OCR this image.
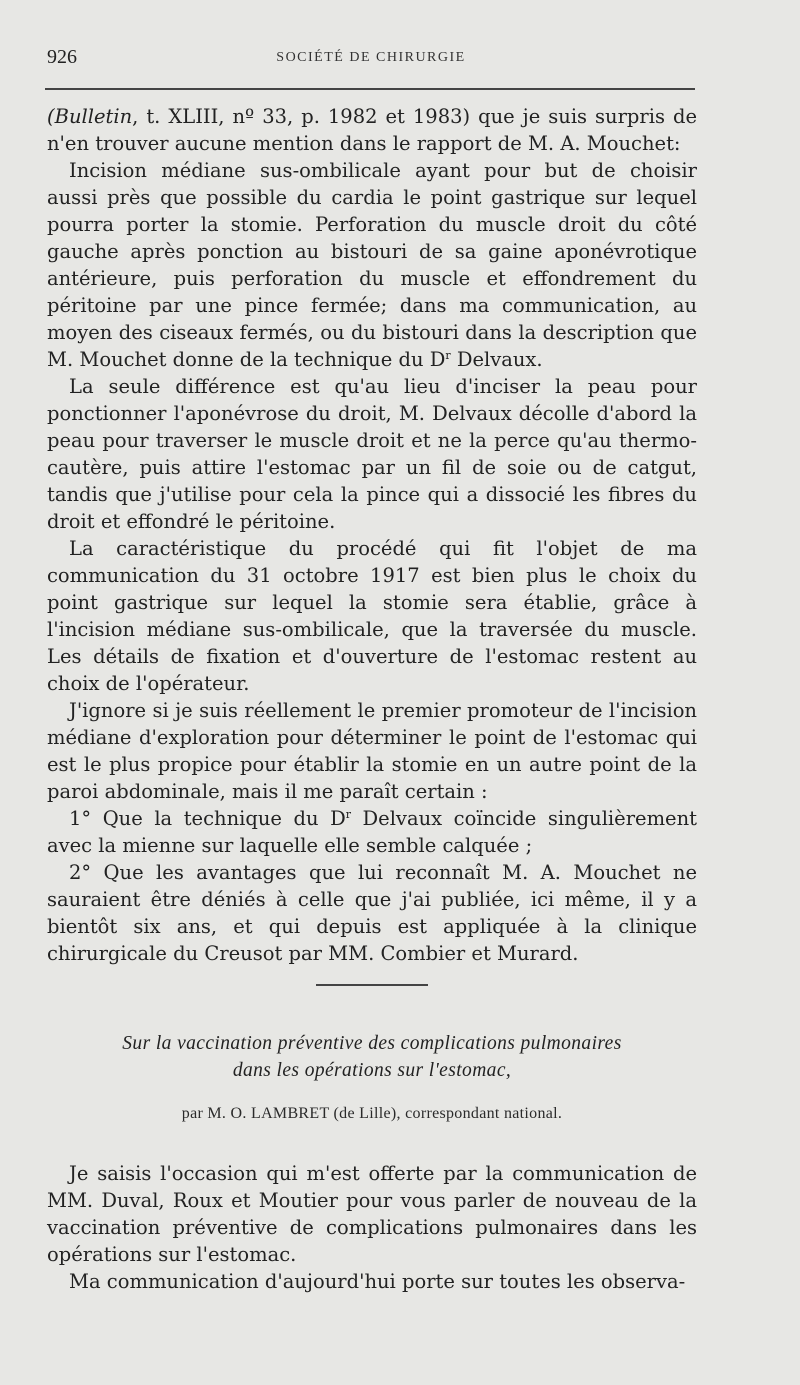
926	SOCIÉTÉ DE CHIRURGIE

(Bulletin, t. XLIII, nº 33, p. 1982 et 1983) que je suis surpris de n'en trouver aucune mention dans le rapport de M. A. Mouchet:

Incision médiane sus-ombilicale ayant pour but de choisir aussi près que possible du cardia le point gastrique sur lequel pourra porter la stomie. Perforation du muscle droit du côté gauche après ponction au bistouri de sa gaine aponévrotique antérieure, puis perforation du muscle et effondrement du péritoine par une pince fermée; dans ma communication, au moyen des ciseaux fermés, ou du bistouri dans la description que M. Mouchet donne de la technique du $D^r$ Delvaux.

La seule différence est qu'au lieu d'inciser la peau pour ponctionner l'aponévrose du droit, M. Delvaux décolle d'abord la peau pour traverser le muscle droit et ne la perce qu'au thermo-cautère, puis attire l'estomac par un fil de soie ou de catgut, tandis que j'utilise pour cela la pince qui a dissocié les fibres du droit et effondré le péritoine.

La caractéristique du procédé qui fit l'objet de ma communication du 31 octobre 1917 est bien plus le choix du point gastrique sur lequel la stomie sera établie, grâce à l'incision médiane sus-ombilicale, que la traversée du muscle. Les détails de fixation et d'ouverture de l'estomac restent au choix de l'opérateur.

J'ignore si je suis réellement le premier promoteur de l'incision médiane d'exploration pour déterminer le point de l'estomac qui est le plus propice pour établir la stomie en un autre point de la paroi abdominale, mais il me paraît certain :

1° Que la technique du $D^r$ Delvaux coïncide singulièrement avec la mienne sur laquelle elle semble calquée ;

2° Que les avantages que lui reconnaît M. A. Mouchet ne sauraient être déniés à celle que j'ai publiée, ici même, il y a bientôt six ans, et qui depuis est appliquée à la clinique chirurgicale du Creusot par MM. Combier et Murard.

Sur la vaccination préventive des complications pulmonaires
dans les opérations sur l'estomac,
par M. O. LAMBRET (de Lille), correspondant national.

Je saisis l'occasion qui m'est offerte par la communication de MM. Duval, Roux et Moutier pour vous parler de nouveau de la vaccination préventive de complications pulmonaires dans les opérations sur l'estomac.

Ma communication d'aujourd'hui porte sur toutes les observa-
